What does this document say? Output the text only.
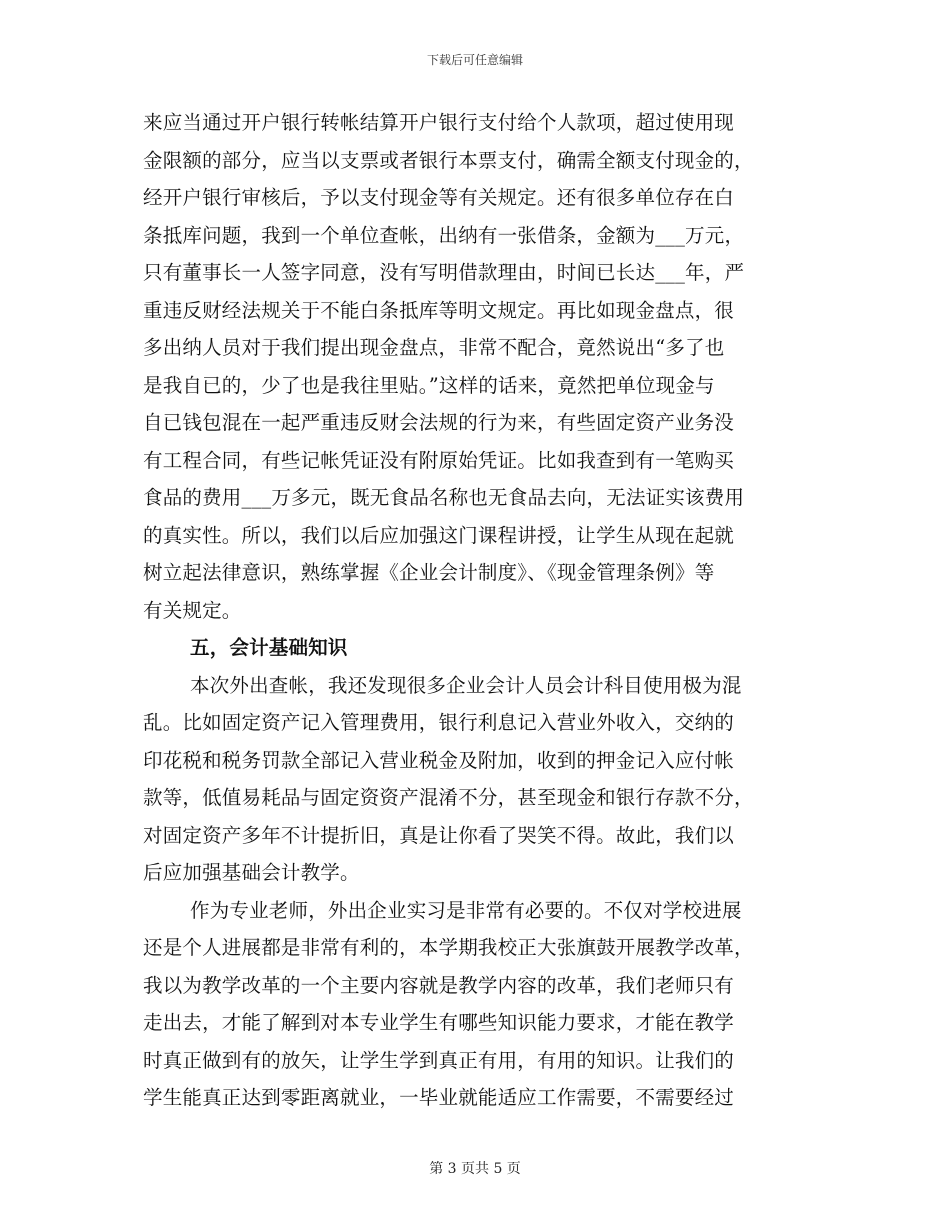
下载后可任意编辑
来应当通过开户银行转帐结算开户银行支付给个人款项，超过使用现
金限额的部分，应当以支票或者银行本票支付，确需全额支付现金的，
经开户银行审核后，予以支付现金等有关规定。还有很多单位存在白
条抵库问题，我到一个单位查帐，出纳有一张借条，金额为___万元，
只有董事长一人签字同意，没有写明借款理由，时间已长达___年，严
重违反财经法规关于不能白条抵库等明文规定。再比如现金盘点，很
多出纳人员对于我们提出现金盘点，非常不配合，竟然说出“多了也
是我自已的，少了也是我往里贴。”这样的话来，竟然把单位现金与
自已钱包混在一起严重违反财会法规的行为来，有些固定资产业务没
有工程合同，有些记帐凭证没有附原始凭证。比如我查到有一笔购买
食品的费用___万多元，既无食品名称也无食品去向，无法证实该费用
的真实性。所以，我们以后应加强这门课程讲授，让学生从现在起就
树立起法律意识，熟练掌握《企业会计制度》、《现金管理条例》等
有关规定。
五，会计基础知识
本次外出查帐，我还发现很多企业会计人员会计科目使用极为混
乱。比如固定资产记入管理费用，银行利息记入营业外收入，交纳的
印花税和税务罚款全部记入营业税金及附加，收到的押金记入应付帐
款等，低值易耗品与固定资资产混淆不分，甚至现金和银行存款不分，
对固定资产多年不计提折旧，真是让你看了哭笑不得。故此，我们以
后应加强基础会计教学。
作为专业老师，外出企业实习是非常有必要的。不仅对学校进展
还是个人进展都是非常有利的，本学期我校正大张旗鼓开展教学改革，
我以为教学改革的一个主要内容就是教学内容的改革，我们老师只有
走出去，才能了解到对本专业学生有哪些知识能力要求，才能在教学
时真正做到有的放矢，让学生学到真正有用，有用的知识。让我们的
学生能真正达到零距离就业，一毕业就能适应工作需要，不需要经过
第 3 页共 5 页
